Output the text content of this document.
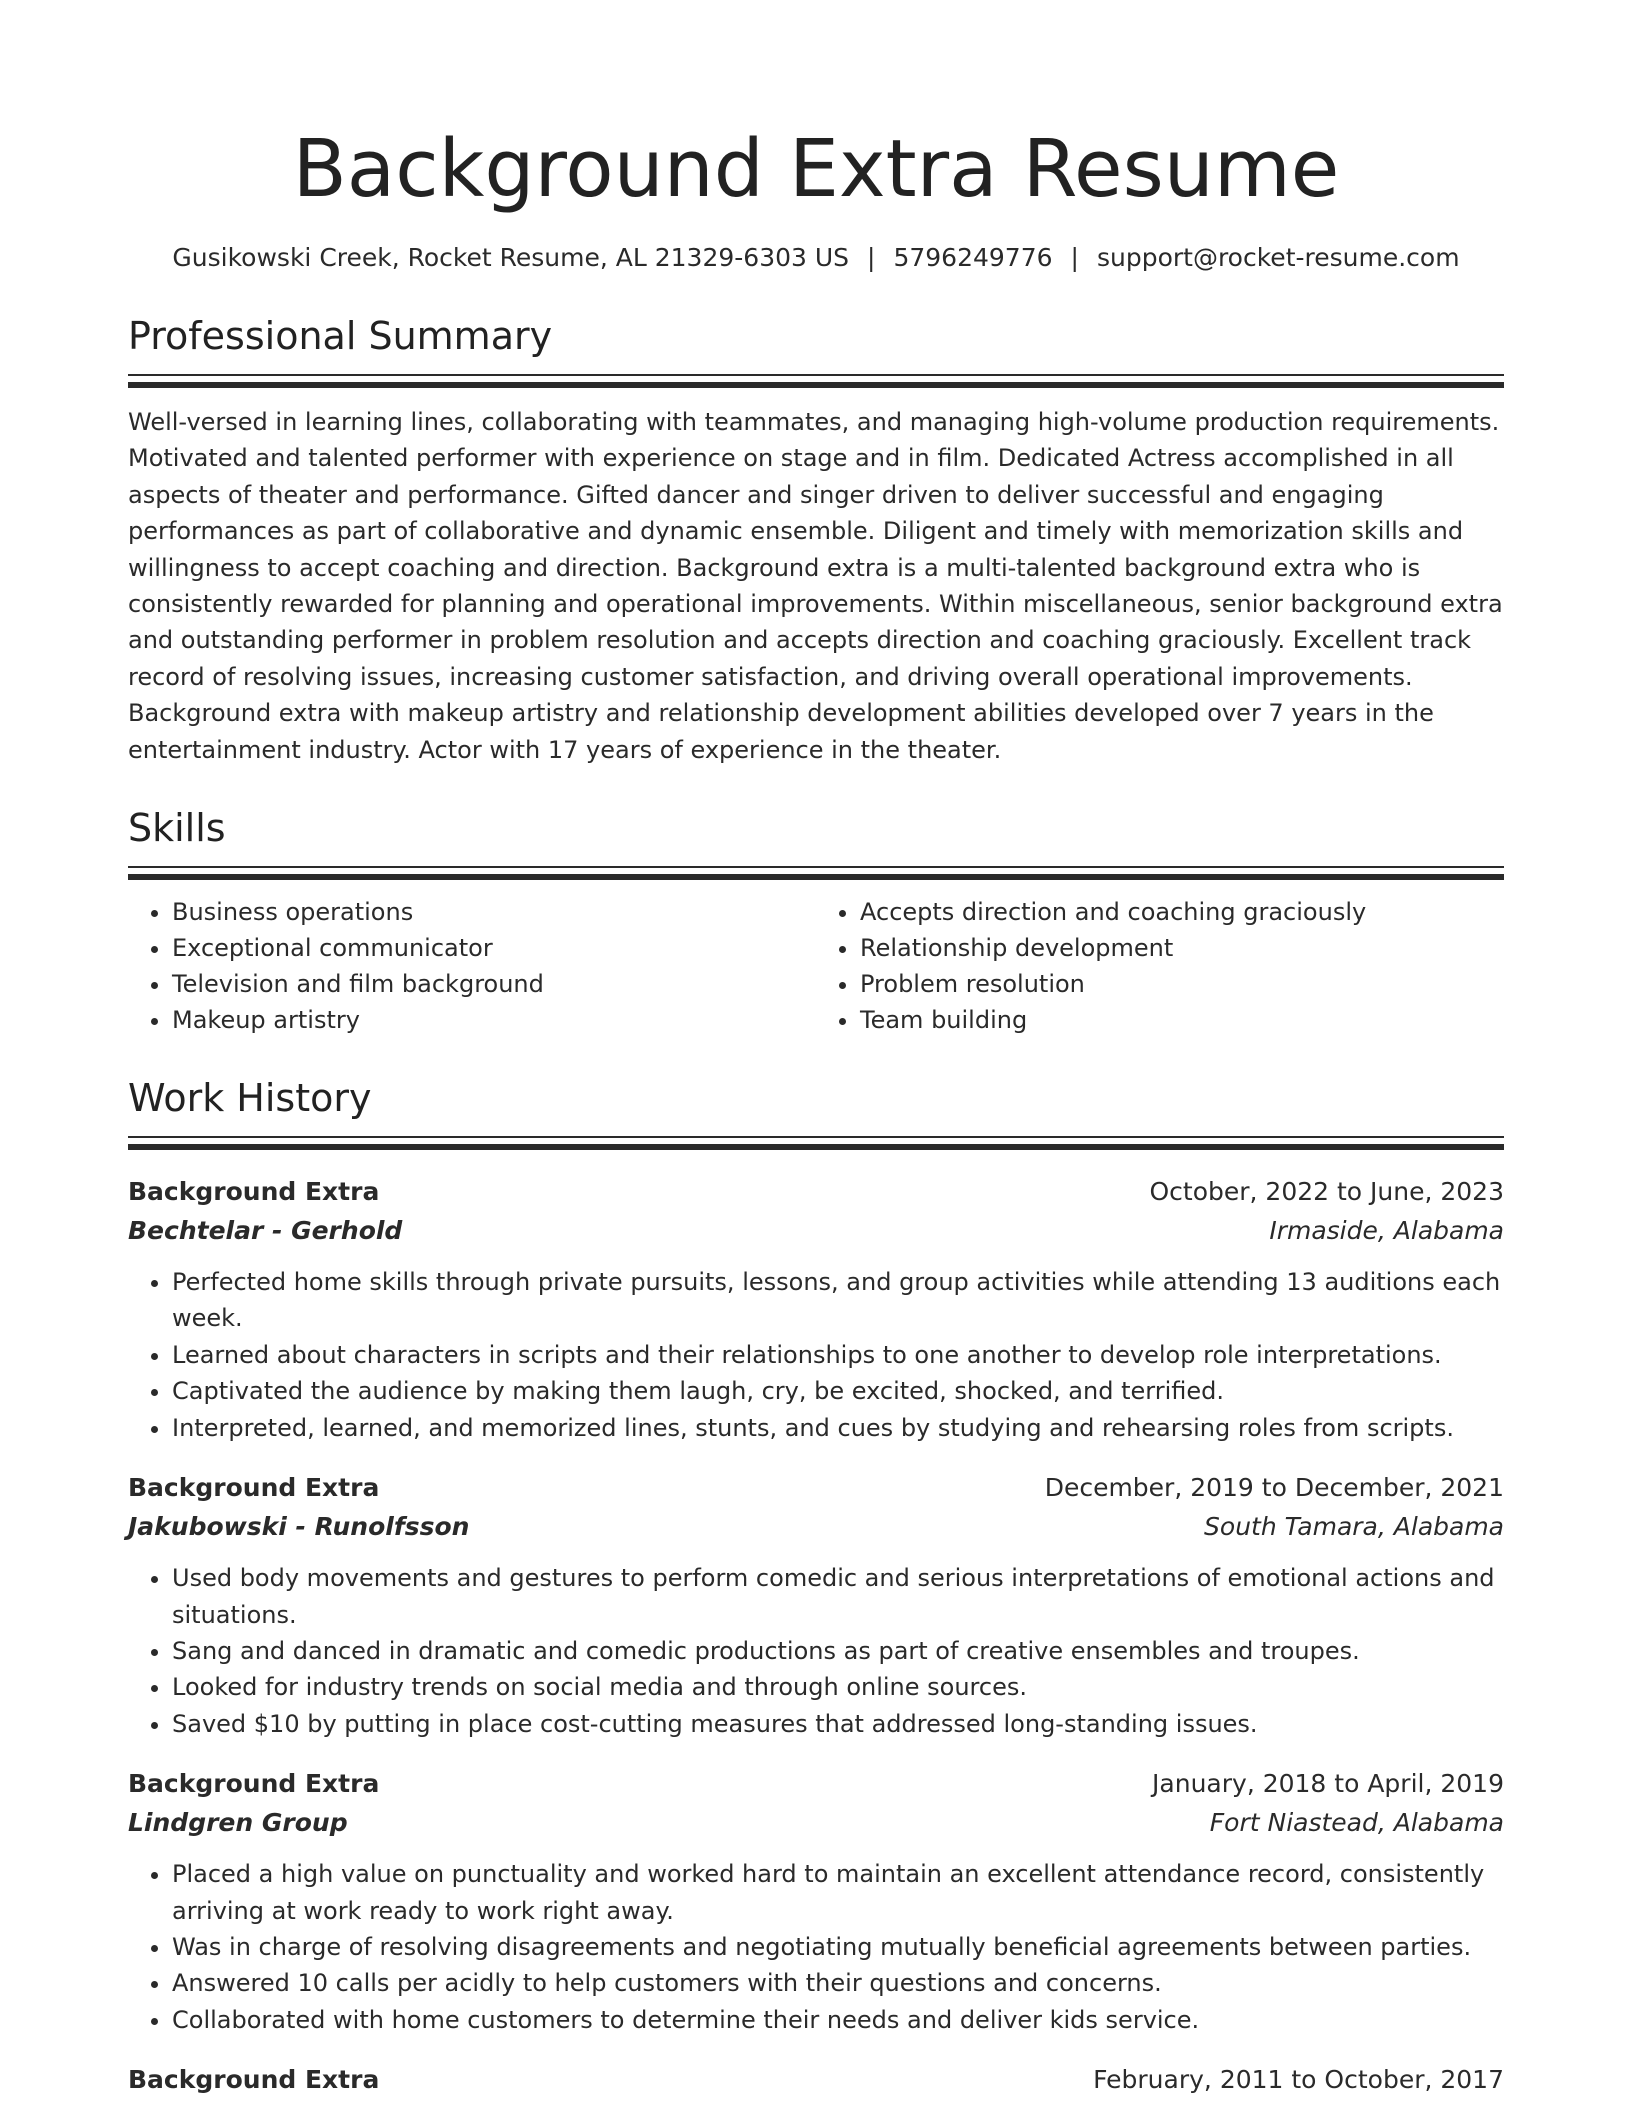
Background Extra Resume
Gusikowski Creek, Rocket Resume, AL 21329-6303 US | 5796249776 | support@rocket-resume.com
Professional Summary

Well-versed in learning lines, collaborating with teammates, and managing high-volume production requirements. Motivated and talented performer with experience on stage and in film. Dedicated Actress accomplished in all aspects of theater and performance. Gifted dancer and singer driven to deliver successful and engaging performances as part of collaborative and dynamic ensemble. Diligent and timely with memorization skills and willingness to accept coaching and direction. Background extra is a multi-talented background extra who is consistently rewarded for planning and operational improvements. Within miscellaneous, senior background extra and outstanding performer in problem resolution and accepts direction and coaching graciously. Excellent track record of resolving issues, increasing customer satisfaction, and driving overall operational improvements. Background extra with makeup artistry and relationship development abilities developed over 7 years in the entertainment industry. Actor with 17 years of experience in the theater.

Skills
• Business operations
• Exceptional communicator
• Television and film background
• Makeup artistry
• Accepts direction and coaching graciously
• Relationship development
• Problem resolution
• Team building
Work History
Background Extra	October, 2022 to June, 2023
Bechtelar - Gerhold	Irmaside, Alabama
• Perfected home skills through private pursuits, lessons, and group activities while attending 13 auditions each week.
• Learned about characters in scripts and their relationships to one another to develop role interpretations.
• Captivated the audience by making them laugh, cry, be excited, shocked, and terrified.
• Interpreted, learned, and memorized lines, stunts, and cues by studying and rehearsing roles from scripts.
Background Extra	December, 2019 to December, 2021
Jakubowski - Runolfsson	South Tamara, Alabama
• Used body movements and gestures to perform comedic and serious interpretations of emotional actions and situations.
• Sang and danced in dramatic and comedic productions as part of creative ensembles and troupes.
• Looked for industry trends on social media and through online sources.
• Saved $10 by putting in place cost-cutting measures that addressed long-standing issues.
Background Extra	January, 2018 to April, 2019
Lindgren Group	Fort Niastead, Alabama
• Placed a high value on punctuality and worked hard to maintain an excellent attendance record, consistently arriving at work ready to work right away.
• Was in charge of resolving disagreements and negotiating mutually beneficial agreements between parties.
• Answered 10 calls per acidly to help customers with their questions and concerns.
• Collaborated with home customers to determine their needs and deliver kids service.
Background Extra	February, 2011 to October, 2017
